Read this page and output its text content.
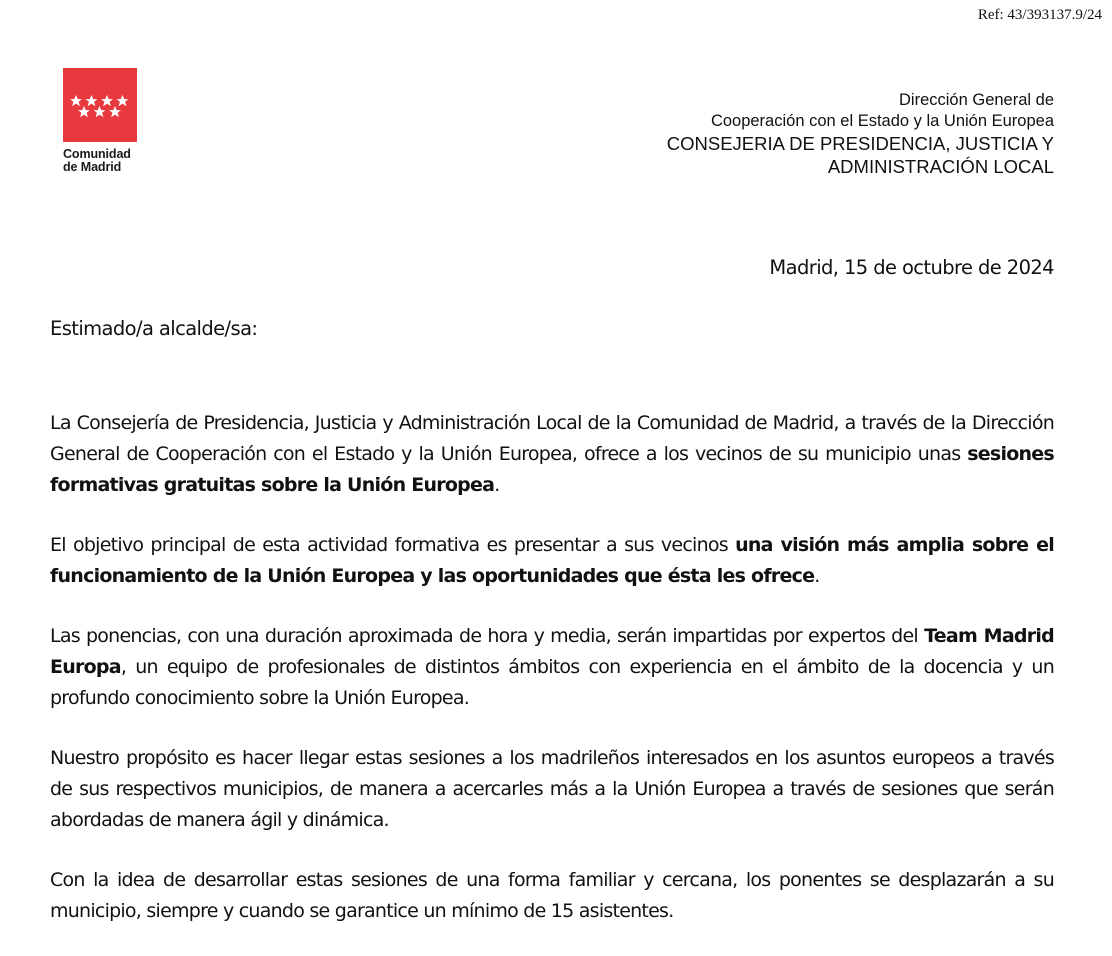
Ref: 43/393137.9/24
Comunidad
de Madrid
Dirección General de
Cooperación con el Estado y la Unión Europea
CONSEJERIA DE PRESIDENCIA, JUSTICIA Y
ADMINISTRACIÓN LOCAL
Madrid, 15 de octubre de 2024
Estimado/a alcalde/sa:

La Consejería de Presidencia, Justicia y Administración Local de la Comunidad de Madrid, a través de la Dirección General de Cooperación con el Estado y la Unión Europea, ofrece a los vecinos de su municipio unas sesiones formativas gratuitas sobre la Unión Europea.

El objetivo principal de esta actividad formativa es presentar a sus vecinos una visión más amplia sobre el funcionamiento de la Unión Europea y las oportunidades que ésta les ofrece.

Las ponencias, con una duración aproximada de hora y media, serán impartidas por expertos del Team Madrid Europa, un equipo de profesionales de distintos ámbitos con experiencia en el ámbito de la docencia y un profundo conocimiento sobre la Unión Europea.

Nuestro propósito es hacer llegar estas sesiones a los madrileños interesados en los asuntos europeos a través de sus respectivos municipios, de manera a acercarles más a la Unión Europea a través de sesiones que serán abordadas de manera ágil y dinámica.

Con la idea de desarrollar estas sesiones de una forma familiar y cercana, los ponentes se desplazarán a su municipio, siempre y cuando se garantice un mínimo de 15 asistentes.
